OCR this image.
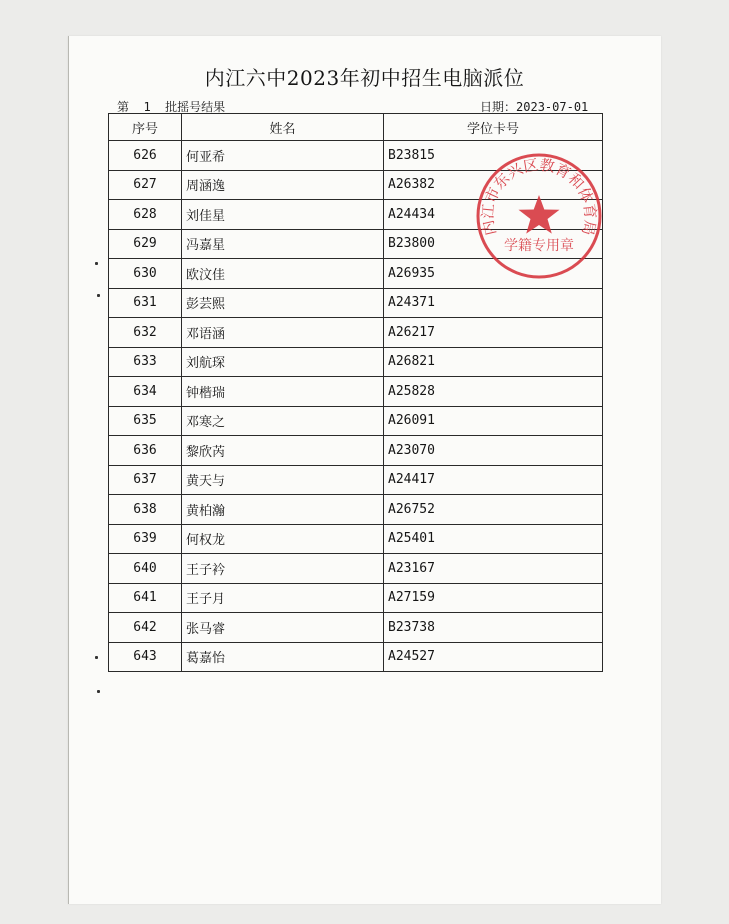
内江六中2023年初中招生电脑派位
第  1  批摇号结果	日期：2023-07-01
序号	姓名	学位卡号
626	何亚希	B23815
627	周涵逸	A26382
628	刘佳星	A24434
629	冯嘉星	B23800
630	欧汶佳	A26935
631	彭芸熙	A24371
632	邓语涵	A26217
633	刘航琛	A26821
634	钟楷瑞	A25828
635	邓寒之	A26091
636	黎欣芮	A23070
637	黄天与	A24417
638	黄柏瀚	A26752
639	何权龙	A25401
640	王子衿	A23167
641	王子月	A27159
642	张马睿	B23738
643	葛嘉怡	A24527
内江市东兴区教育和体育局
学籍专用章
